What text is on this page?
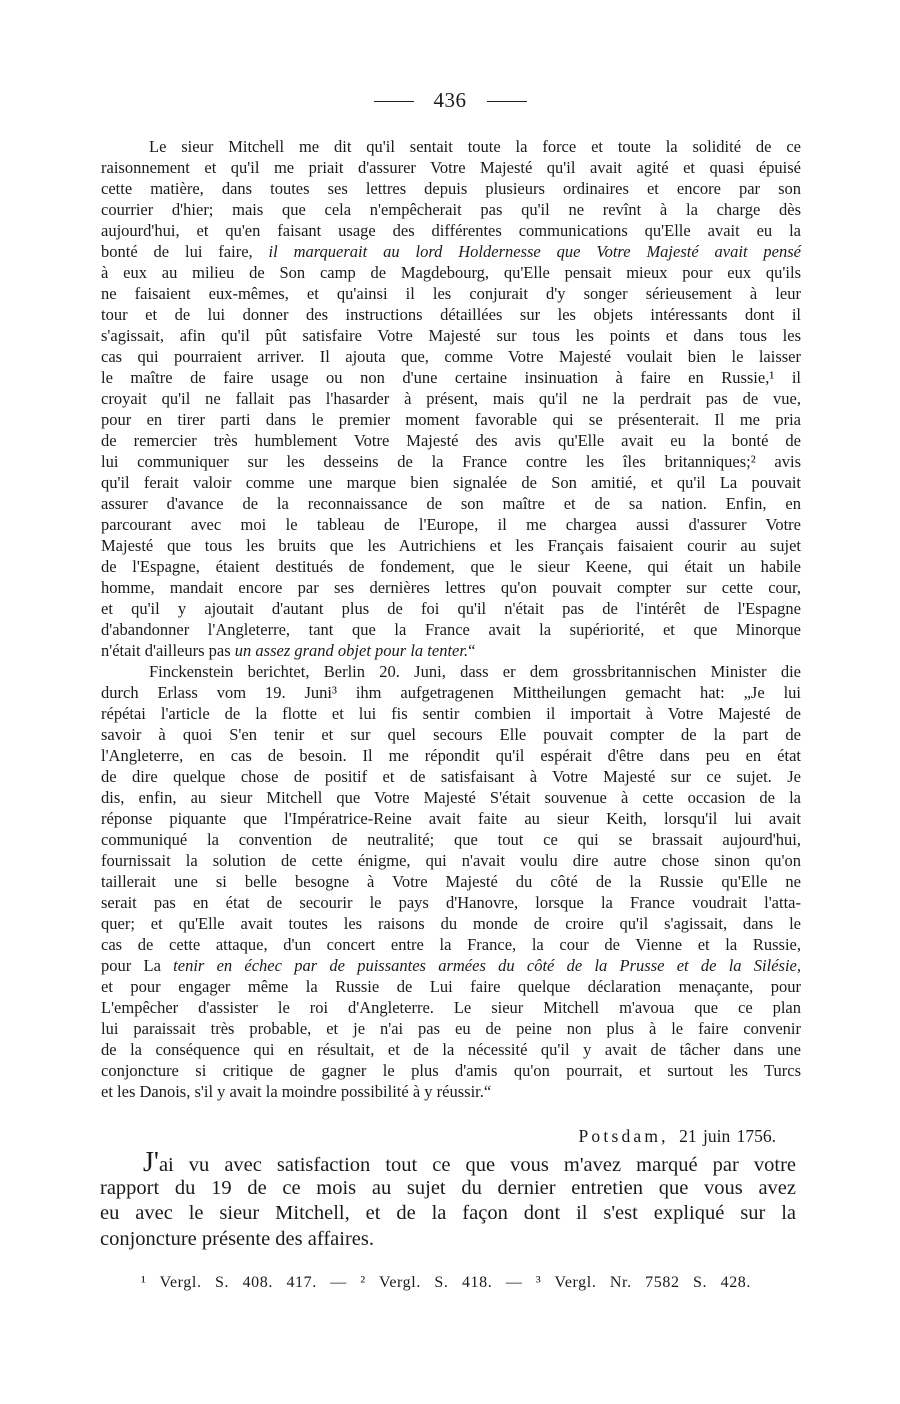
436
Le sieur Mitchell me dit qu'il sentait toute la force et toute la solidité de ce
raisonnement et qu'il me priait d'assurer Votre Majesté qu'il avait agité et quasi épuisé
cette matière, dans toutes ses lettres depuis plusieurs ordinaires et encore par son
courrier d'hier; mais que cela n'empêcherait pas qu'il ne revînt à la charge dès
aujourd'hui, et qu'en faisant usage des différentes communications qu'Elle avait eu la
bonté de lui faire, il marquerait au lord Holdernesse que Votre Majesté avait pensé
à eux au milieu de Son camp de Magdebourg, qu'Elle pensait mieux pour eux qu'ils
ne faisaient eux-mêmes, et qu'ainsi il les conjurait d'y songer sérieusement à leur
tour et de lui donner des instructions détaillées sur les objets intéressants dont il
s'agissait, afin qu'il pût satisfaire Votre Majesté sur tous les points et dans tous les
cas qui pourraient arriver. Il ajouta que, comme Votre Majesté voulait bien le laisser
le maître de faire usage ou non d'une certaine insinuation à faire en Russie,¹ il
croyait qu'il ne fallait pas l'hasarder à présent, mais qu'il ne la perdrait pas de vue,
pour en tirer parti dans le premier moment favorable qui se présenterait. Il me pria
de remercier très humblement Votre Majesté des avis qu'Elle avait eu la bonté de
lui communiquer sur les desseins de la France contre les îles britanniques;² avis
qu'il ferait valoir comme une marque bien signalée de Son amitié, et qu'il La pouvait
assurer d'avance de la reconnaissance de son maître et de sa nation. Enfin, en
parcourant avec moi le tableau de l'Europe, il me chargea aussi d'assurer Votre
Majesté que tous les bruits que les Autrichiens et les Français faisaient courir au sujet
de l'Espagne, étaient destitués de fondement, que le sieur Keene, qui était un habile
homme, mandait encore par ses dernières lettres qu'on pouvait compter sur cette cour,
et qu'il y ajoutait d'autant plus de foi qu'il n'était pas de l'intérêt de l'Espagne
d'abandonner l'Angleterre, tant que la France avait la supériorité, et que Minorque
n'était d'ailleurs pas un assez grand objet pour la tenter.“
Finckenstein berichtet, Berlin 20. Juni, dass er dem grossbritannischen Minister die
durch Erlass vom 19. Juni³ ihm aufgetragenen Mittheilungen gemacht hat: „Je lui
répétai l'article de la flotte et lui fis sentir combien il importait à Votre Majesté de
savoir à quoi S'en tenir et sur quel secours Elle pouvait compter de la part de
l'Angleterre, en cas de besoin. Il me répondit qu'il espérait d'être dans peu en état
de dire quelque chose de positif et de satisfaisant à Votre Majesté sur ce sujet. Je
dis, enfin, au sieur Mitchell que Votre Majesté S'était souvenue à cette occasion de la
réponse piquante que l'Impératrice-Reine avait faite au sieur Keith, lorsqu'il lui avait
communiqué la convention de neutralité; que tout ce qui se brassait aujourd'hui,
fournissait la solution de cette énigme, qui n'avait voulu dire autre chose sinon qu'on
taillerait une si belle besogne à Votre Majesté du côté de la Russie qu'Elle ne
serait pas en état de secourir le pays d'Hanovre, lorsque la France voudrait l'atta-
quer; et qu'Elle avait toutes les raisons du monde de croire qu'il s'agissait, dans le
cas de cette attaque, d'un concert entre la France, la cour de Vienne et la Russie,
pour La tenir en échec par de puissantes armées du côté de la Prusse et de la Silésie,
et pour engager même la Russie de Lui faire quelque déclaration menaçante, pour
L'empêcher d'assister le roi d'Angleterre. Le sieur Mitchell m'avoua que ce plan
lui paraissait très probable, et je n'ai pas eu de peine non plus à le faire convenir
de la conséquence qui en résultait, et de la nécessité qu'il y avait de tâcher dans une
conjoncture si critique de gagner le plus d'amis qu'on pourrait, et surtout les Turcs
et les Danois, s'il y avait la moindre possibilité à y réussir.“
Potsdam, 21 juin 1756.
J'ai vu avec satisfaction tout ce que vous m'avez marqué par votre
rapport du 19 de ce mois au sujet du dernier entretien que vous avez
eu avec le sieur Mitchell, et de la façon dont il s'est expliqué sur la
conjoncture présente des affaires.
¹ Vergl. S. 408. 417. — ² Vergl. S. 418. — ³ Vergl. Nr. 7582 S. 428.
